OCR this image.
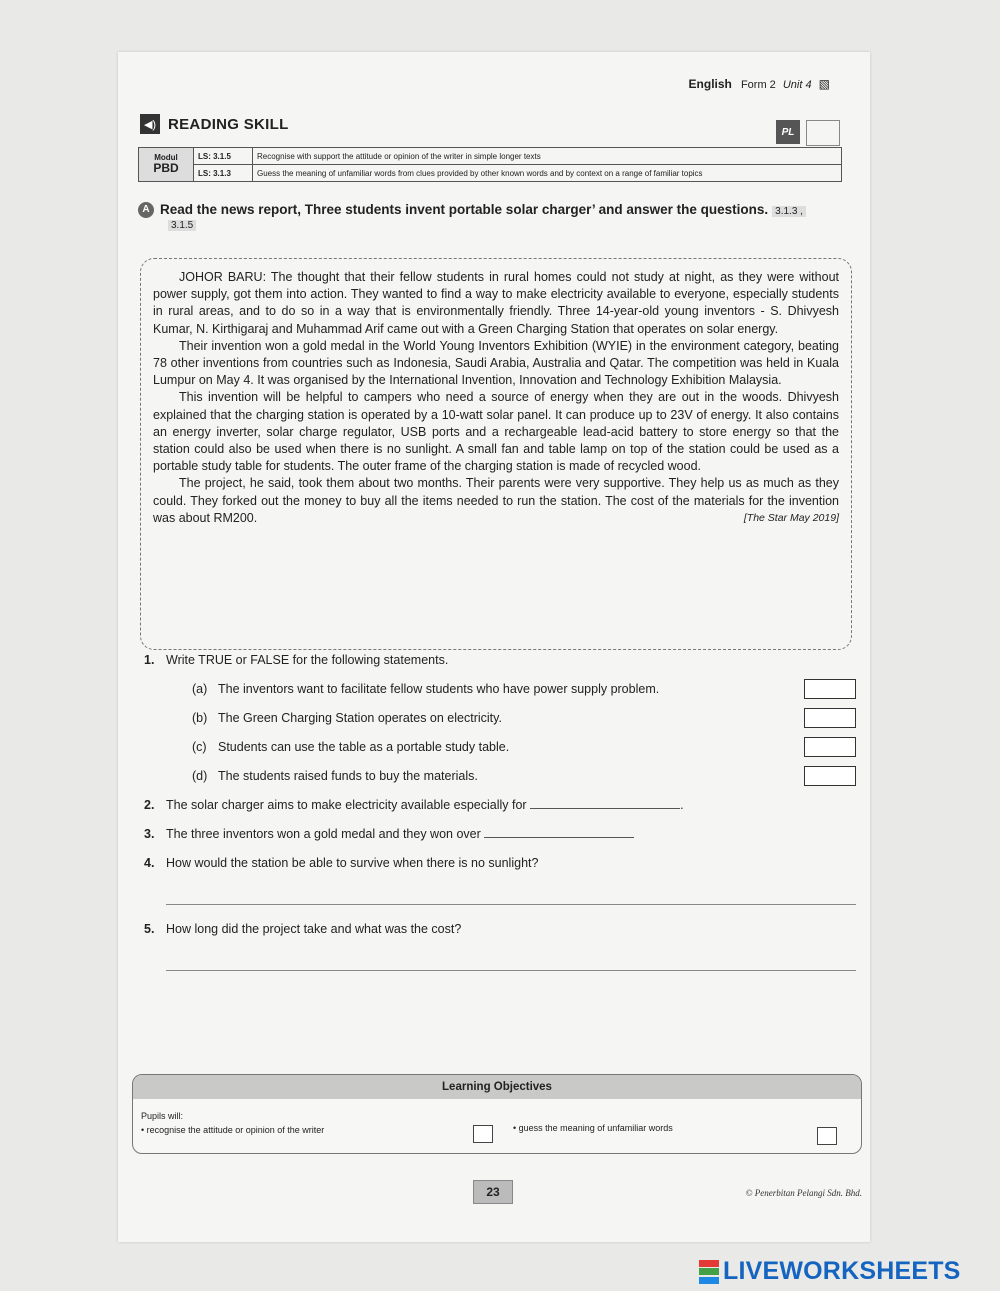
English Form 2 Unit 4 ▧
◀) READING SKILL	PL
Modul
PBD	LS: 3.1.5	Recognise with support the attitude or opinion of the writer in simple longer texts
	LS: 3.1.3	Guess the meaning of unfamiliar words from clues provided by other known words and by context on a range of familiar topics
A Read the news report, Three students invent portable solar charger’ and answer the questions. 3.1.3 ,
3.1.5

JOHOR BARU: The thought that their fellow students in rural homes could not study at night, as they were without power supply, got them into action. They wanted to find a way to make electricity available to everyone, especially students in rural areas, and to do so in a way that is environmentally friendly. Three 14-year-old young inventors - S. Dhivyesh Kumar, N. Kirthigaraj and Muhammad Arif came out with a Green Charging Station that operates on solar energy.

Their invention won a gold medal in the World Young Inventors Exhibition (WYIE) in the environment category, beating 78 other inventions from countries such as Indonesia, Saudi Arabia, Australia and Qatar. The competition was held in Kuala Lumpur on May 4. It was organised by the International Invention, Innovation and Technology Exhibition Malaysia.

This invention will be helpful to campers who need a source of energy when they are out in the woods. Dhivyesh explained that the charging station is operated by a 10-watt solar panel. It can produce up to 23V of energy. It also contains an energy inverter, solar charge regulator, USB ports and a rechargeable lead-acid battery to store energy so that the station could also be used when there is no sunlight. A small fan and table lamp on top of the station could be used as a portable study table for students. The outer frame of the charging station is made of recycled wood.

The project, he said, took them about two months. Their parents were very supportive. They help us as much as they could. They forked out the money to buy all the items needed to run the station. The cost of the materials for the invention was about RM200.	[The Star May 2019]
1. Write TRUE or FALSE for the following statements.
(a) The inventors want to facilitate fellow students who have power supply problem.
(b) The Green Charging Station operates on electricity.
(c) Students can use the table as a portable study table.
(d) The students raised funds to buy the materials.
2. The solar charger aims to make electricity available especially for	.
3. The three inventors won a gold medal and they won over
4. How would the station be able to survive when there is no sunlight?
5. How long did the project take and what was the cost?
Learning Objectives
Pupils will:
• recognise the attitude or opinion of the writer	• guess the meaning of unfamiliar words
23	© Penerbitan Pelangi Sdn. Bhd.
LIVEWORKSHEETS
